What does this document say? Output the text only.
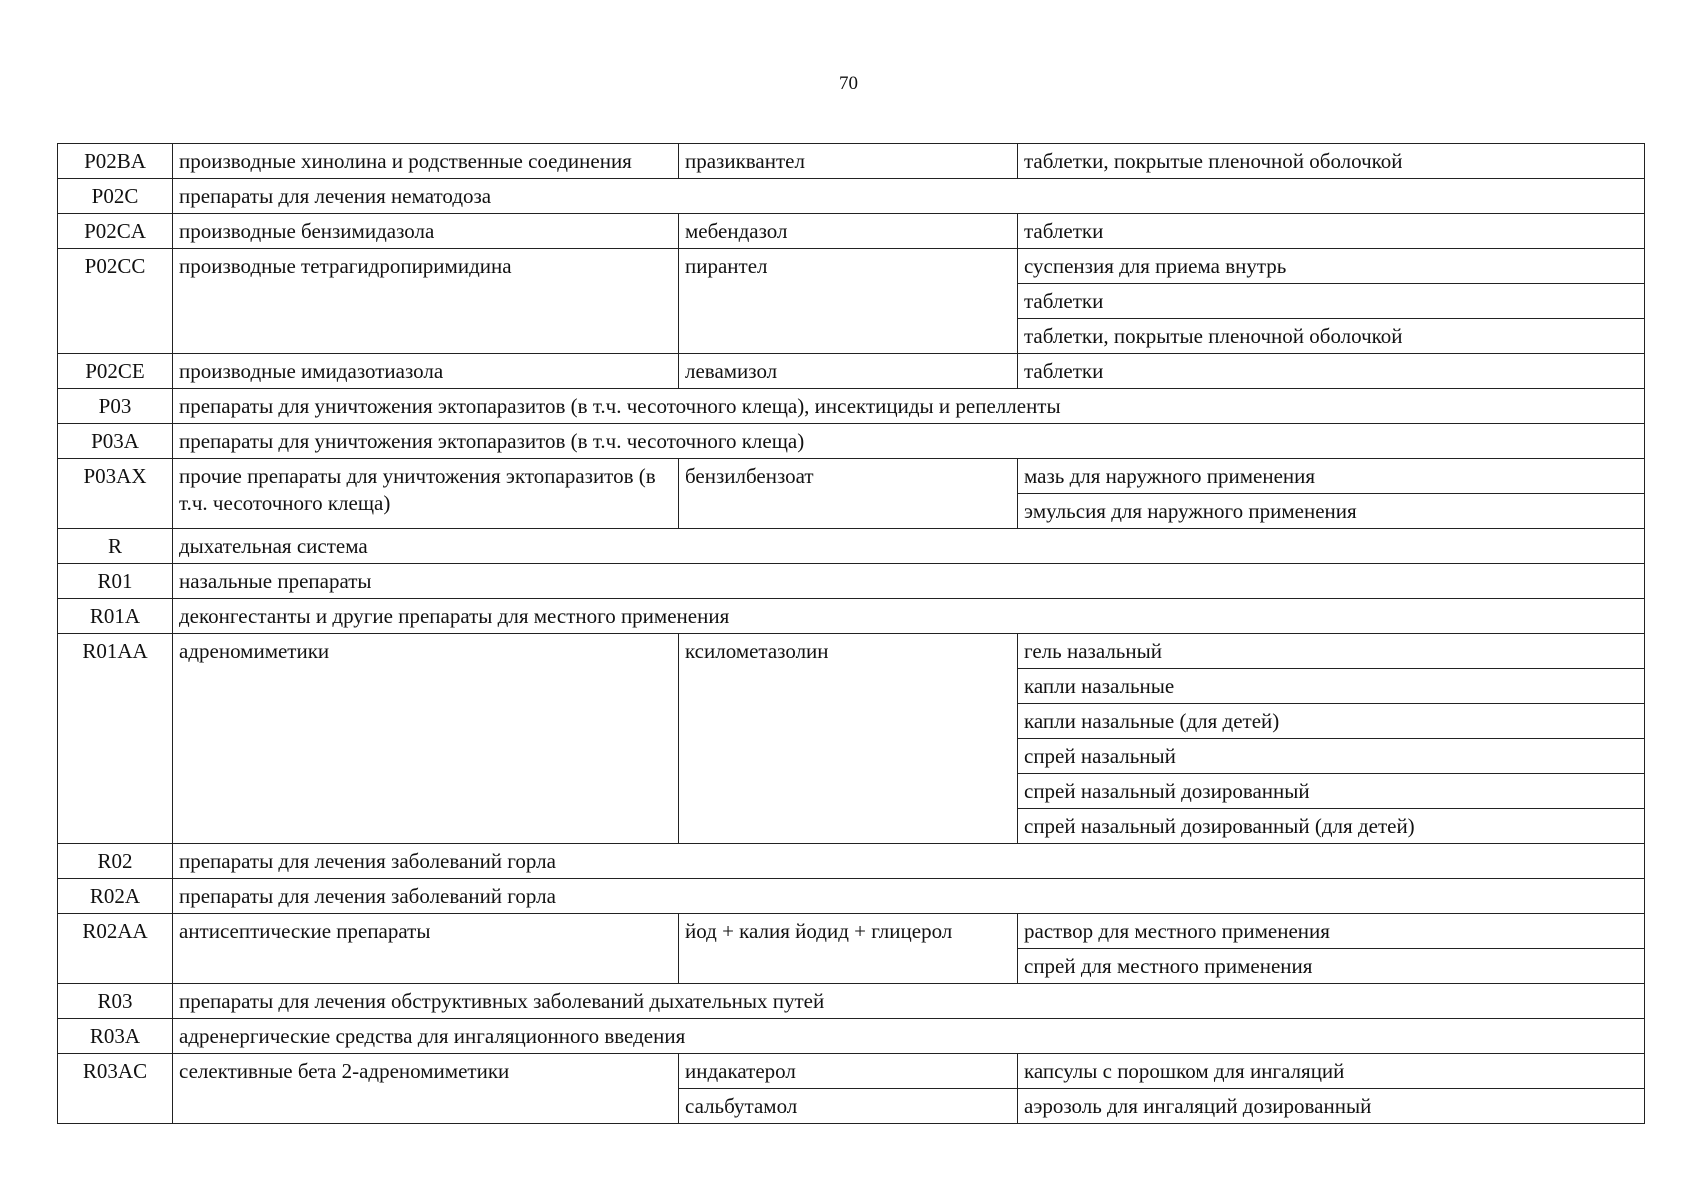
70
P02BA	производные хинолина и родственные соединения	празиквантел	таблетки, покрытые пленочной оболочкой
P02C	препараты для лечения нематодоза		
P02CA	производные бензимидазола	мебендазол	таблетки
P02CC	производные тетрагидропиримидина	пирантел	суспензия для приема внутрь
			таблетки
			таблетки, покрытые пленочной оболочкой
P02CE	производные имидазотиазола	левамизол	таблетки
P03	препараты для уничтожения эктопаразитов (в т.ч. чесоточного клеща), инсектициды и репелленты		
P03A	препараты для уничтожения эктопаразитов (в т.ч. чесоточного клеща)		
P03AX	прочие препараты для уничтожения эктопаразитов (в т.ч. чесоточного клеща)	бензилбензоат	мазь для наружного применения
			эмульсия для наружного применения
R	дыхательная система		
R01	назальные препараты		
R01A	деконгестанты и другие препараты для местного применения		
R01AA	адреномиметики	ксилометазолин	гель назальный
			капли назальные
			капли назальные (для детей)
			спрей назальный
			спрей назальный дозированный
			спрей назальный дозированный (для детей)
R02	препараты для лечения заболеваний горла		
R02A	препараты для лечения заболеваний горла		
R02AA	антисептические препараты	йод + калия йодид + глицерол	раствор для местного применения
			спрей для местного применения
R03	препараты для лечения обструктивных заболеваний дыхательных путей		
R03A	адренергические средства для ингаляционного введения		
R03AC	селективные бета 2-адреномиметики	индакатерол	капсулы с порошком для ингаляций
		сальбутамол	аэрозоль для ингаляций дозированный
